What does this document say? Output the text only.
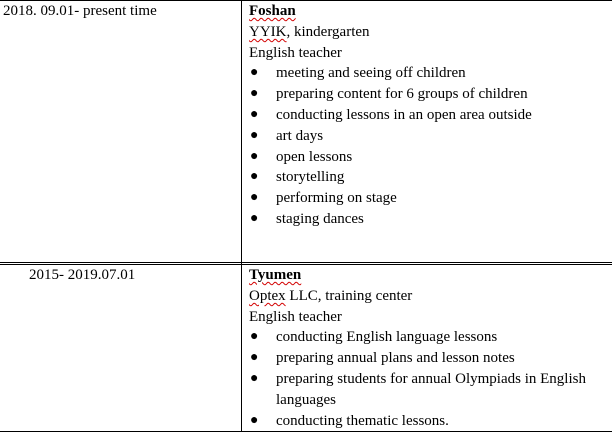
2018. 09.01- present time	Foshan
YYIK, kindergarten
English teacher
● meeting and seeing off children
● preparing content for 6 groups of children
● conducting lessons in an open area outside
● art days
● open lessons
● storytelling
● performing on stage
● staging dances
2015- 2019.07.01	Tyumen
Optex LLC, training center
English teacher
● conducting English language lessons
● preparing annual plans and lesson notes
● preparing students for annual Olympiads in English languages
● conducting thematic lessons.
